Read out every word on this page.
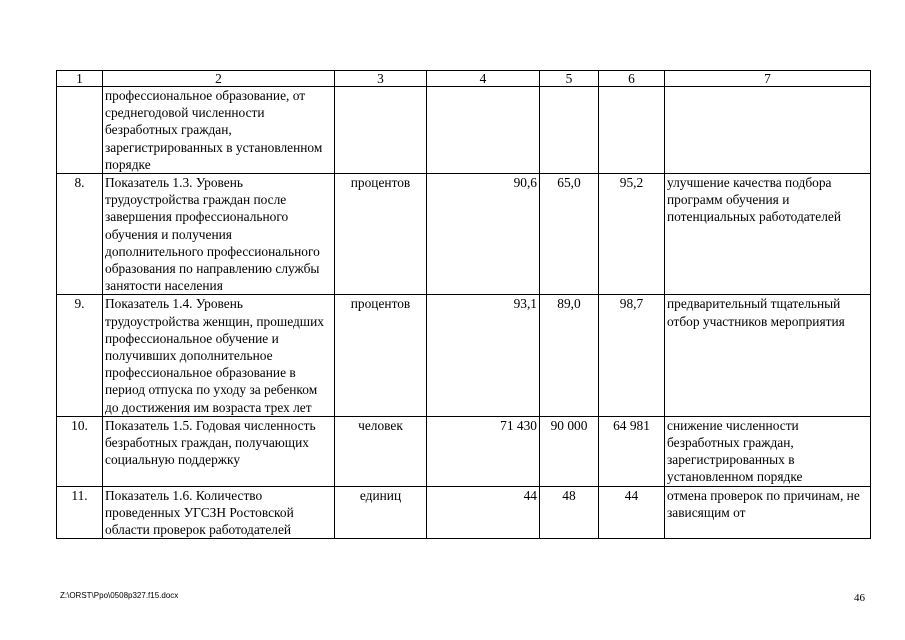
1	2	3	4	5	6	7
	профессиональное образование, от среднегодовой численности безработных граждан, зарегистрированных в установленном порядке					
8.	Показатель 1.3. Уровень трудоустройства граждан после завершения профессионального обучения и получения дополнительного профессионального образования по направлению службы занятости населения	процентов	90,6	65,0	95,2	улучшение качества подбора программ обучения и потенциальных работодателей
9.	Показатель 1.4. Уровень трудоустройства женщин, прошедших профессиональное обучение и получивших дополнительное профессиональное образование в период отпуска по уходу за ребенком до достижения им возраста трех лет	процентов	93,1	89,0	98,7	предварительный тщательный отбор участников мероприятия
10.	Показатель 1.5. Годовая численность безработных граждан, получающих социальную поддержку	человек	71 430	90 000	64 981	снижение численности безработных граждан, зарегистрированных в установленном порядке
11.	Показатель 1.6. Количество проведенных УГСЗН Ростовской области проверок работодателей	единиц	44	48	44	отмена проверок по причинам, не зависящим от
Z:\ORST\Ppo\0508p327.f15.docx	46
